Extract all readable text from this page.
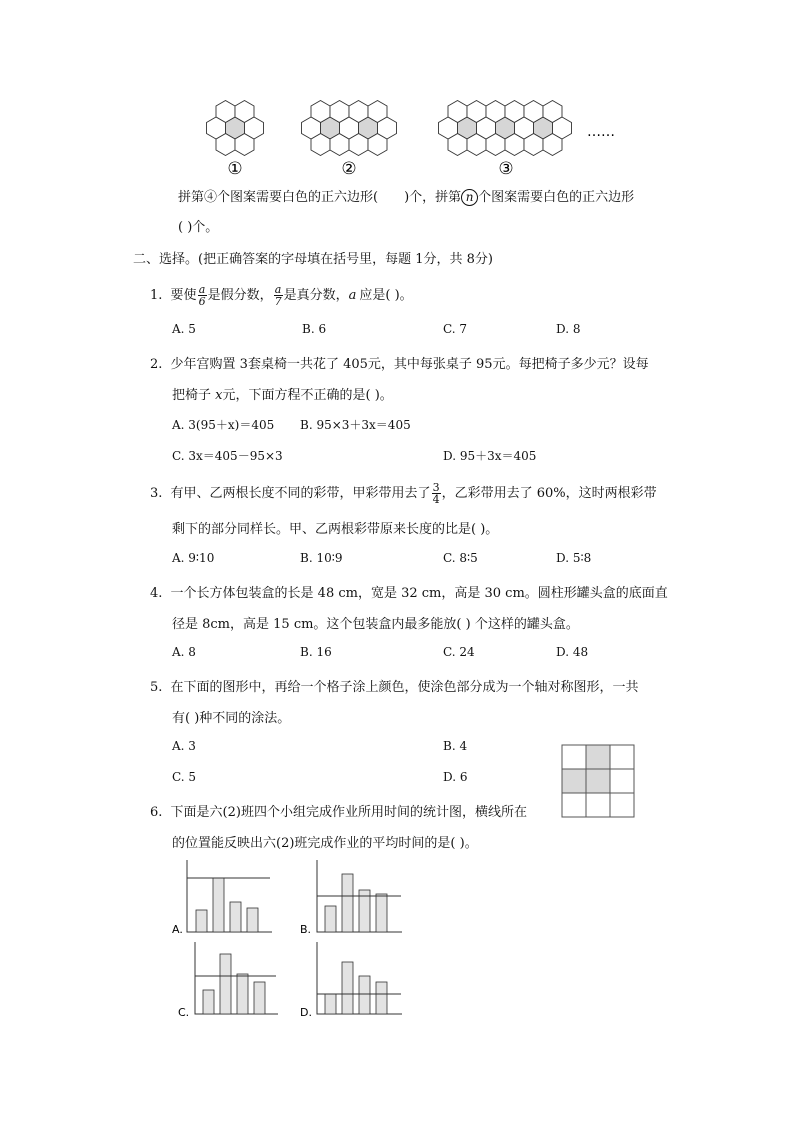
①	②	③
……
拼第④个图案需要白色的正六边形( )个，拼第 n 个图案需要白色的正六边形
( )个。
二、选择。(把正确答案的字母填在括号里，每题 1分，共 8分)
1. 要使 $\frac{a}{6}$ 是假分数， $\frac{a}{7}$ 是真分数，a 应是( )。
A. 5	B. 6	C. 7	D. 8
2. 少年宫购置 3套桌椅一共花了 405元，其中每张桌子 95元。每把椅子多少元？设每
把椅子 x元，下面方程不正确的是( )。
A. 3(95＋x)＝405 B. 95×3＋3x＝405
C. 3x＝405－95×3	D. 95＋3x＝405
3. 有甲、乙两根长度不同的彩带，甲彩带用去了 $\frac{3}{4}$ ，乙彩带用去了 60%，这时两根彩带
剩下的部分同样长。甲、乙两根彩带原来长度的比是( )。
A. 9∶10	B. 10∶9	C. 8∶5	D. 5∶8
4. 一个长方体包装盒的长是 48 cm，宽是 32 cm，高是 30 cm。圆柱形罐头盒的底面直
径是 8cm，高是 15 cm。这个包装盒内最多能放( ) 个这样的罐头盒。
A. 8	B. 16	C. 24	D. 48
5. 在下面的图形中，再给一个格子涂上颜色，使涂色部分成为一个轴对称图形，一共
有( )种不同的涂法。
A. 3	B. 4
C. 5	D. 6
6. 下面是六(2)班四个小组完成作业所用时间的统计图，横线所在
的位置能反映出六(2)班完成作业的平均时间的是( )。
A.	B.
C.	D.
